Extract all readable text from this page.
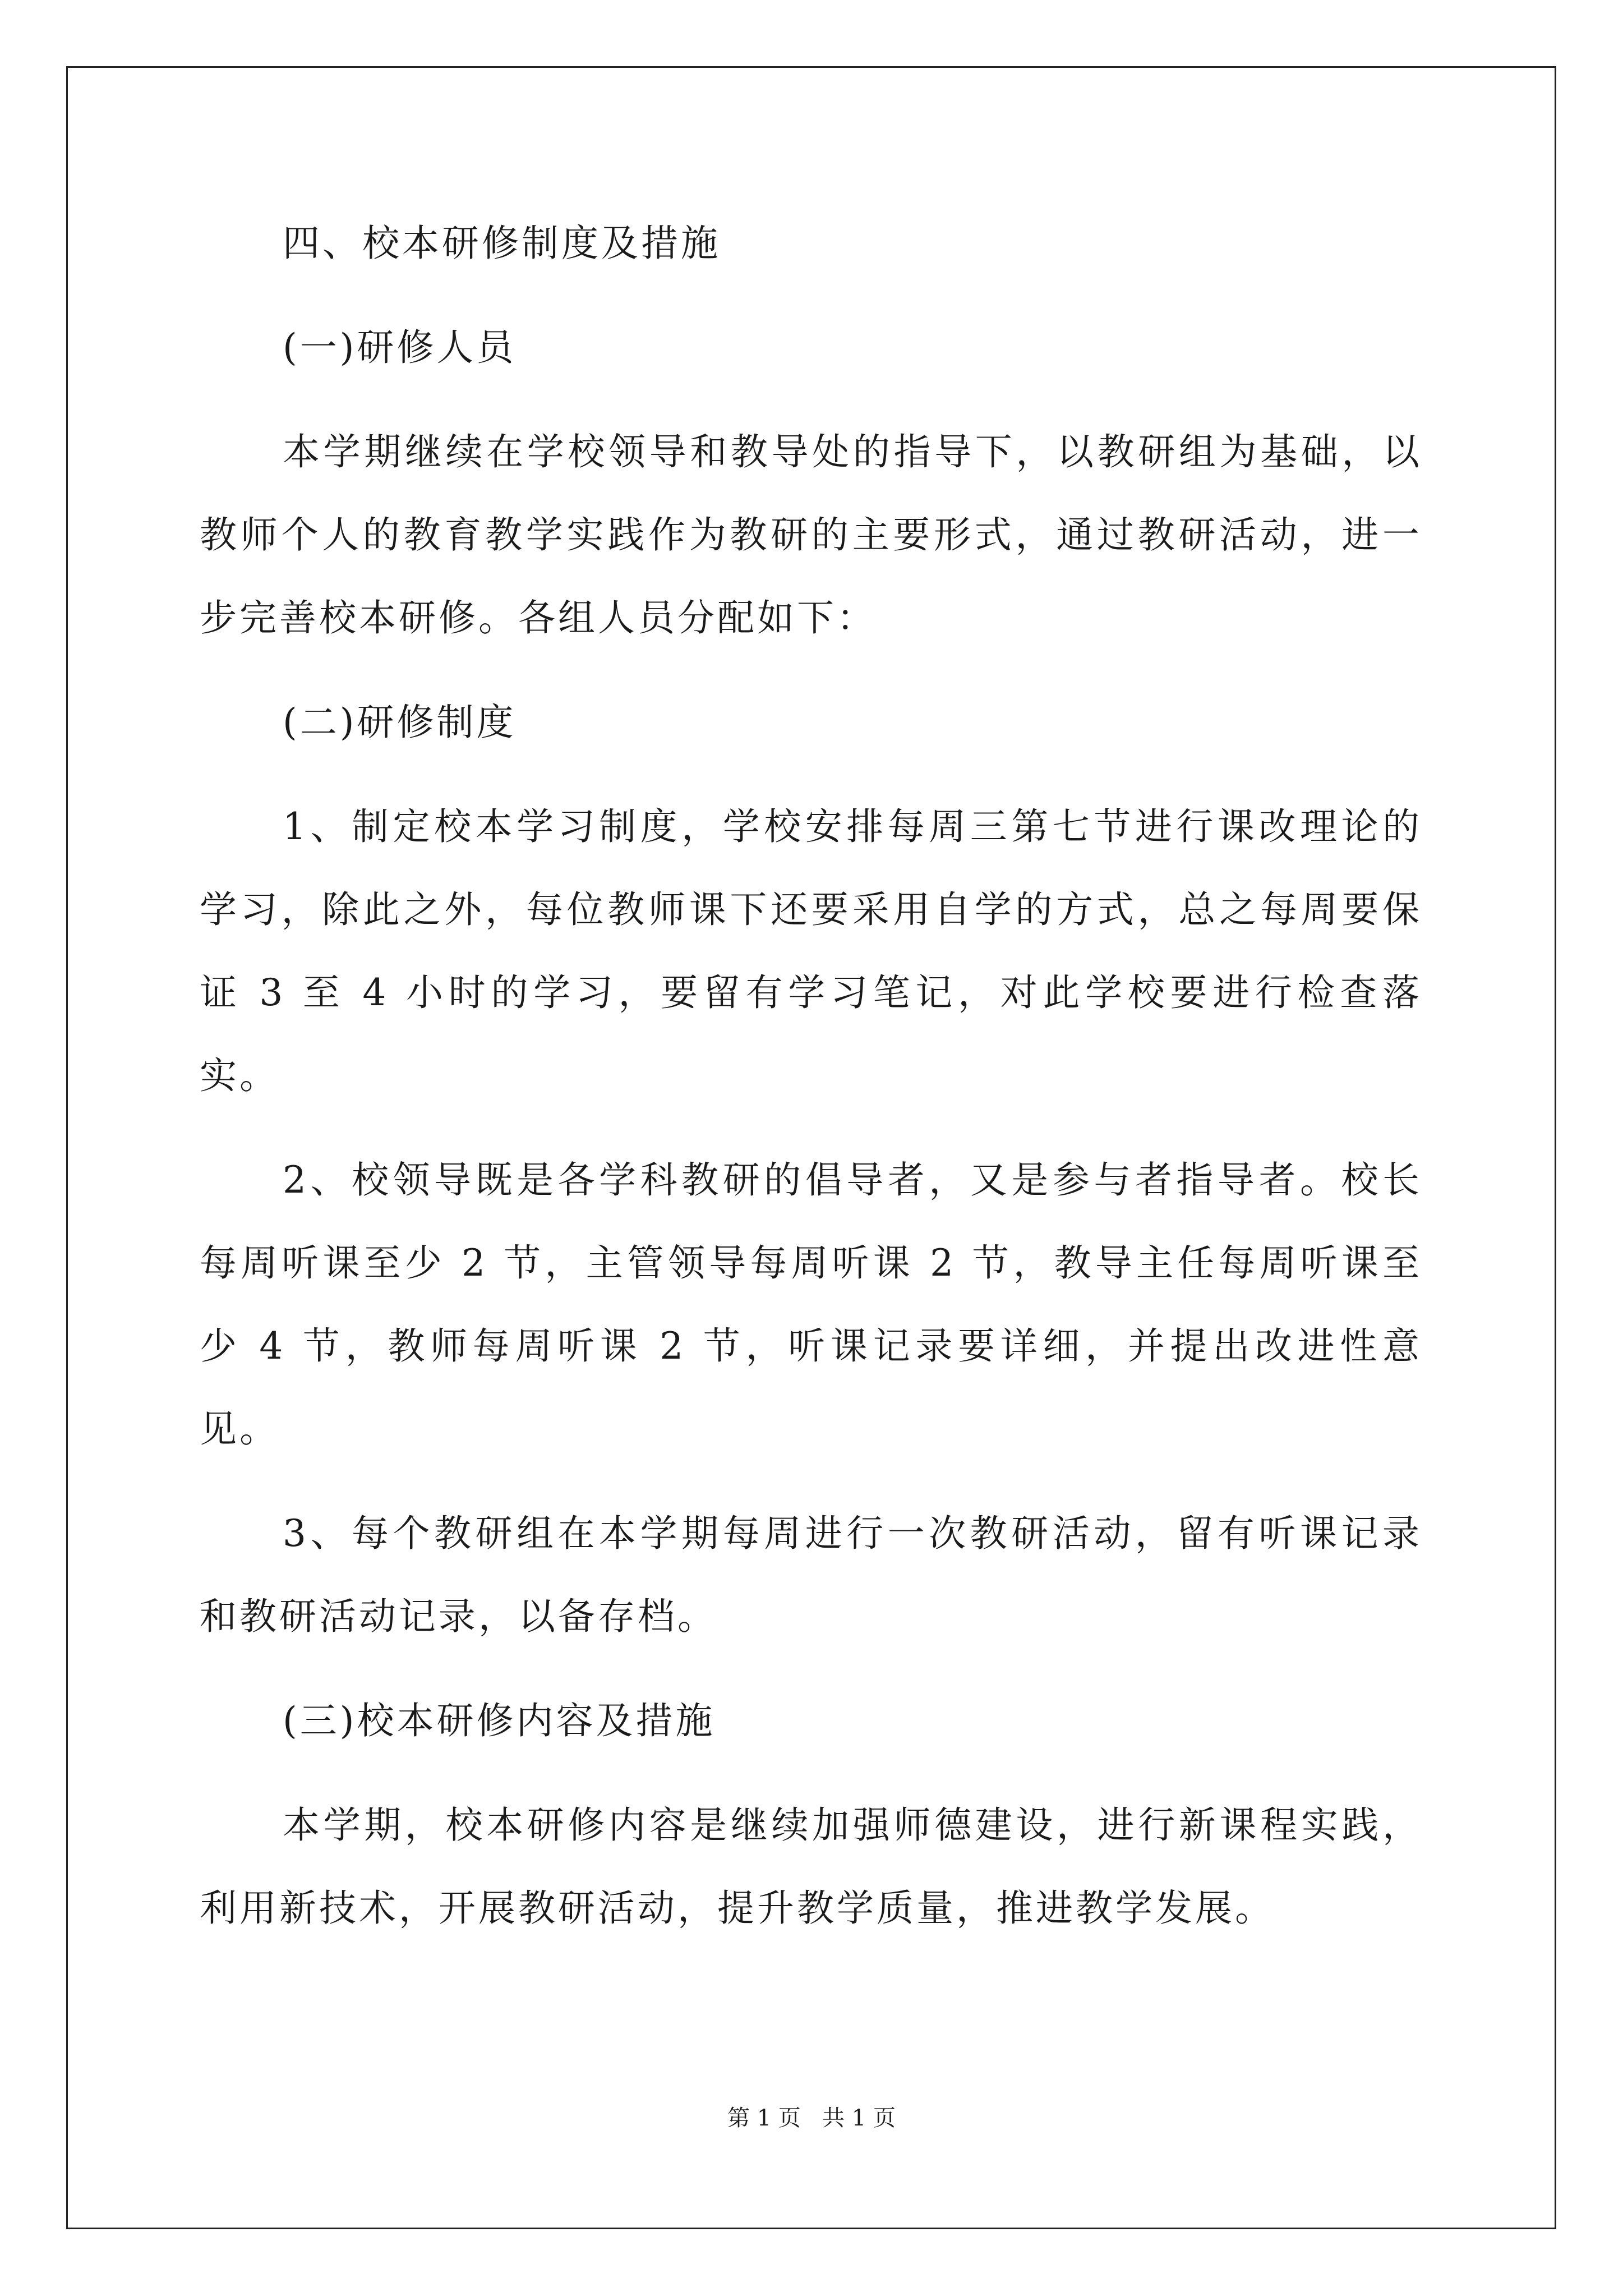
四、校本研修制度及措施

(一)研修人员

本学期继续在学校领导和教导处的指导下，以教研组为基础，以教师个人的教育教学实践作为教研的主要形式，通过教研活动，进一步完善校本研修。各组人员分配如下：

(二)研修制度

1、制定校本学习制度，学校安排每周三第七节进行课改理论的学习，除此之外，每位教师课下还要采用自学的方式，总之每周要保证 3 至 4 小时的学习，要留有学习笔记，对此学校要进行检查落实。

2、校领导既是各学科教研的倡导者，又是参与者指导者。校长每周听课至少 2 节，主管领导每周听课 2 节，教导主任每周听课至少 4 节，教师每周听课 2 节，听课记录要详细，并提出改进性意见。

3、每个教研组在本学期每周进行一次教研活动，留有听课记录和教研活动记录，以备存档。

(三)校本研修内容及措施

本学期，校本研修内容是继续加强师德建设，进行新课程实践，利用新技术，开展教研活动，提升教学质量，推进教学发展。

第 1 页 共 1 页
